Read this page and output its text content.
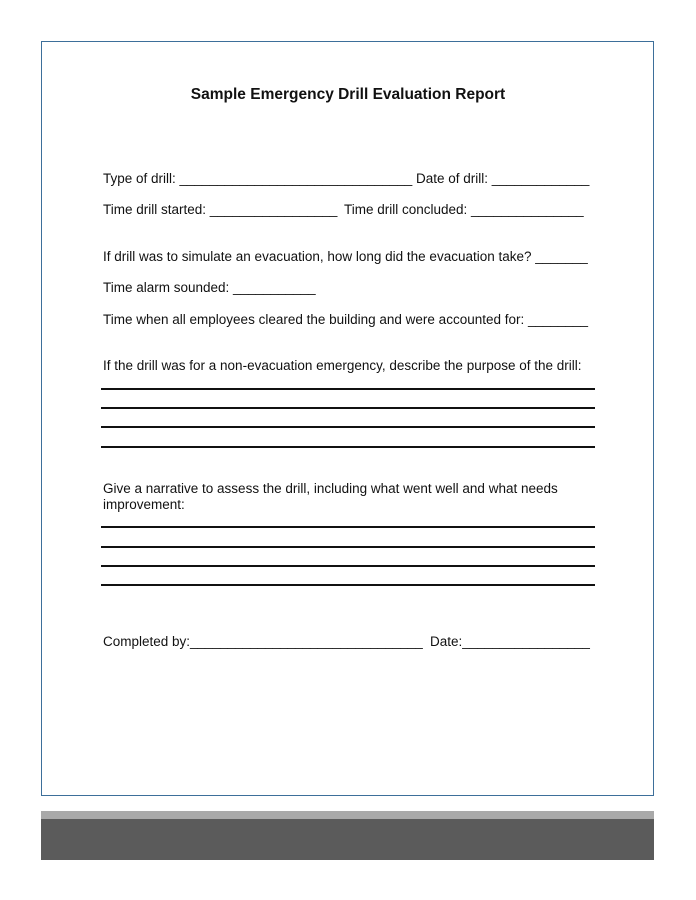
Sample Emergency Drill Evaluation Report
Type of drill: _______________________________ Date of drill: _____________
Time drill started: _________________ Time drill concluded: _______________
If drill was to simulate an evacuation, how long did the evacuation take? _______
Time alarm sounded: ___________
Time when all employees cleared the building and were accounted for: ________
If the drill was for a non-evacuation emergency, describe the purpose of the drill:
Give a narrative to assess the drill, including what went well and what needs improvement:
Completed by:_______________________________ Date:_________________
